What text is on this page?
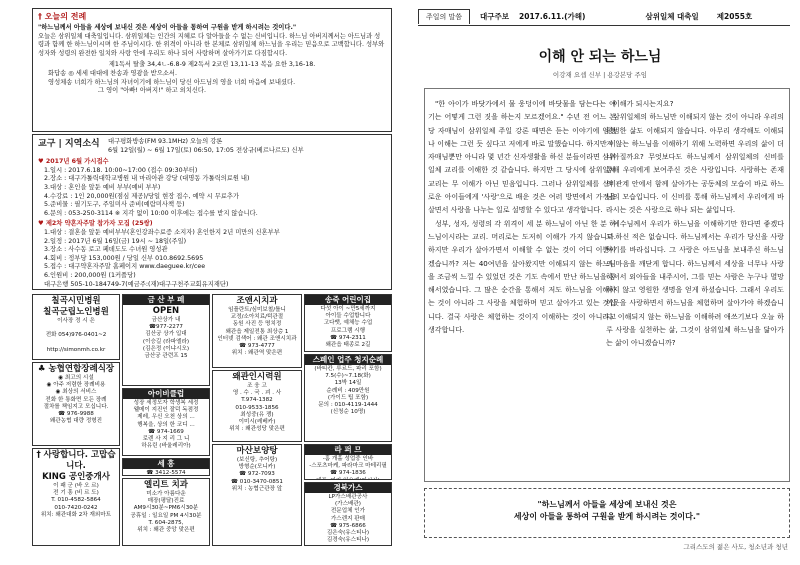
† 오늘의 전례
"하느님께서 아들을 세상에 보내신 것은 세상이 아들을 통하여 구원을 받게 하시려는 것이다."
오늘은 삼위일체 대축일입니다. 삼위일체는 인간의 지혜로 다 알아들을 수 없는 신비입니다. 하느님 아버지께서는 아드님과 성령과 함께 한 하느님이시며 한 주님이시다. 한 위격이 아니라 한 본체로 삼위일체 하느님을 우리는 믿음으로 고백합니다. 성부와 성자와 성령의 완전한 일치와 사랑 안에 우리도 하나 되어 사랑하며 살아가기로 다짐합시다.
제1독서 탈출 34,4ㄴ-6.8-9 제2독서 2코린 13,11-13 복음 요한 3,16-18.
화답송 ◎ 세세 대대에 찬송과 영광을 받으소서.
영성체송 너희가 하느님의 자녀이기에 하느님이 당신 아드님의 영을 너희 마음에 보내셨다.
그 영이 "아빠! 아버지!" 하고 외치신다.
교구 | 지역소식	대구평화방송(FM 93.1MHz) 오늘의 강론
6월 12일(월) ~ 6월 17일(토) 06:50, 17:05 전상규(베르나르도) 신부
♥ 2017년 6월 가시접수
1.일시 : 2017.6.18. 10:00~17:00 (접수 09:30부터)
2.장소 : 대구가톨릭대학교병원 내 마리아관 강당 (대명동 가톨릭의료원 내)
3.대상 : 혼인을 앞둔 예비 부부(예비 부부)
4.수강료 : 1인 20,000원(점심 제공)/당일 현장 접수, 예약 시 무료추가
5.준비물 : 필기도구, 주일미사 준비(예람미사책 등)
6.문의 : 053-250-3114 ※ 지각 없이 10:00 이후에는 접수를 받지 않습니다.
♥ 제2차 약혼자주말 참가자 모집 (25쌍)
1.대상 : 결혼을 앞둔 예비부부(혼인강좌수료증 소지자) 혼인한지 2년 미만의 신혼부부
2.일정 : 2017년 6월 16일(금) 19시 ~ 18일(주일)
3.장소 : 사수동 로고 페데도도 수녀원 영성관
4.회비 : 정부당 153,000원 / 당일 신부 010.8692.5695
5.접수 : 대구약혼자주말 홈페이지 www.daeguee.kr/cee
6.인원비 : 200,000원 (1커플당)
대구은행 505-10-184749-7(예금주:(재)대구구천주교회유지재단)
칠곡시민병원
칠곡군립노인병원
이사장 정 시 은

전화 054)976-0401~2

http://simonmh.co.kr

금 산 부 페
OPEN
금산상가 내
☎977-2277
김산궁 상가 입대
(이승길 (라파엘라)
(김은정 (이냐시오)
금산궁 관련프 15
조앤시치과
임플란트/심미보철/틀니
교정/소아치료/턱관절
동원 사진 등 명치정
왜관읍 제일전통 최상층 1
인터넷 검색어 : 왜관 조앤시치과
☎ 973-4777
위치 : 왜관역 맞은편
송죽 어린이집
다섯 아이 ~만5세까지
아이들 수업합니다
고다뱃, 예체능 수업
프로그램 시행
☎ 974-2311
왜관읍 태종로 2길
♣ 농협연합장례식장
◉ 최고의 시설
◉ 아주 저렴한 장례비용
◉ 최상의 서비스
전화 한 통화면 모든 장례
절차를 책임지고 모십니다.
☎ 976-9988
왜관농협 대량 정형진
아이비클럽
성장 세정모자 학생복 세정
웰메이 지진인 잘덕 독점정
제레, 우신 오천 상의 ...
행복을, 상의 한 코디 ...
☎ 974-1669
로렌 사 지 리 그 니
하유린 (바울레리아)
세 흥
☎ 3412-5574
왜관인시력원
조 웅 고
영 . 수 . 국 . 괴 . 사
T.974-1382
010-9533-1856
최성중(유 쟁)
이미시(레베카)
위치 : 왜관성당 맞은편
스페인 업주 청지순례
(바티칸, 루르드, 파리 포함)
7.5(수)~7.18(화)
13박 14일
순례비 : 409만원
(가이드 팁 포함)
문의 : 010-4119-1444
(신청순 10명)
라 퍼 므
-홈 개홀 성업중 인바
-스포츠마케, 파라마크 마테리필
☎ 974-1836
† 사랑합니다. 고맙습니다.
KING 공인중개사
이 패 군 (바 오 르)
전 기 흥 (비 르 도)
T. 010-4582-5864
010-7420-0242
위치: 왜관대화 2차 재외마트
엘리트 치과
미소가 아름다운
매장(평달)진료
AM9시30분~PM6시30분
공휴일 : 일요일 PM 4시30분
T. 604-2875,
위치 : 왜관 중앙 맞은편
마산보양탕
(보신탕, 추어탕)
방형순(모니카)
☎ 972-7093
☎ 010-3470-0851
위치 : 농협근관장 앞	경북가스
LP가스배관공사
(가스배관)
전문업체 인가
가스렌지 판매
☎ 975-6866
김은숙(유스티나)
김경숙(유스티나)
주일의 말씀	대구주보 2017.6.11.(가해)	삼위일체 대축일 제2055호
이해 안 되는 하느님
이강재 요셉 신부 | 용강본당 주임

"한 아이가 바닷가에서 물 웅덩이에 바닷물을 담는다는 얘기는 어떻게 그런 짓을 하는지 모르겠어요." 수년 전 어느 본당 자매님이 삼위일체 주일 강론 때면은 듣는 이야기에 엄청나 이해는 그런 듯 싶다고 저에게 바로 말했습니다. 하지만 이 자매님뿐만 아니라 몇 년간 신자생활을 하신 분들이라면 삼위일체 교리를 이해한 것 같습니다. 하지만 그 당시에 삼위일체 교리는 무 이해가 아닌 믿음입니다. 그러나 삼위일체를 신비로운 아이들에게 '사랑'으로 배운 것은 여러 방면에서 가정을 살면서 사랑을 나누는 일로 설명할 수 있다고 생각합니다.

성부, 성자, 성령의 각 위격이 세 분 하느님이 아닌 한 분 하느님이시라는 교리. 머리로는 도저히 이해가 가지 않습니다. 하지만 우리가 살아가면서 이해할 수 없는 것이 어디 이뿐이겠습니까? 저는 40여년을 살아왔지만 이해되지 않는 하느님을 조금씩 느낄 수 있었던 것은 기도 속에서 만난 하느님을 통해서였습니다. 그 많은 순간을 통해서 저도 하느님을 이해하는 것이 아니라 그 사랑을 체험하며 믿고 살아가고 있는 것입니다. 결국 사랑은 체험하는 것이지 이해하는 것이 아니라고 생각합니다.

이해가 되시는지요?

삼위일체의 하느님만 이해되지 않는 것이 아니라 우리의 평범한 삶도 이해되지 않습니다. 아무리 생각해도 이해되지 않는 하느님을 이해하기 위해 노력하면 우리의 삶이 더 나아질까요? 무엇보다도 하느님께서 삼위일체의 신비를 통해 우리에게 보여주신 것은 사랑입니다. 사랑하는 존재의 관계 안에서 함께 살아가는 공동체의 모습이 바로 하느님의 모습입니다. 이 신비를 통해 하느님께서 우리에게 바라시는 것은 사랑으로 하나 되는 삶입니다.

예수님께서 우리가 하느님을 이해하기만 한다면 좋겠다고 하신 적은 없습니다. 하느님께서는 우리가 당신을 사랑하기를 바라십니다. 그 사랑은 아드님을 보내주신 하느님의 마음을 깨닫게 합니다. 하느님께서 세상을 너무나 사랑하셔서 외아들을 내주시어, 그를 믿는 사람은 누구나 멸망하지 않고 영원한 생명을 얻게 하셨습니다. 그래서 우리도 이웃을 사랑하면서 하느님을 체험하며 살아가야 하겠습니다. 이해되지 않는 하느님을 이해하려 애쓰기보다 오늘 하루 사랑을 실천하는 삶, 그것이 삼위일체 하느님을 닮아가는 삶이 아니겠습니까?

"하느님께서 아들을 세상에 보내신 것은
세상이 아들을 통하여 구원을 받게 하시려는 것이다."
그리스도의 젊은 사도, 청소년과 청년
